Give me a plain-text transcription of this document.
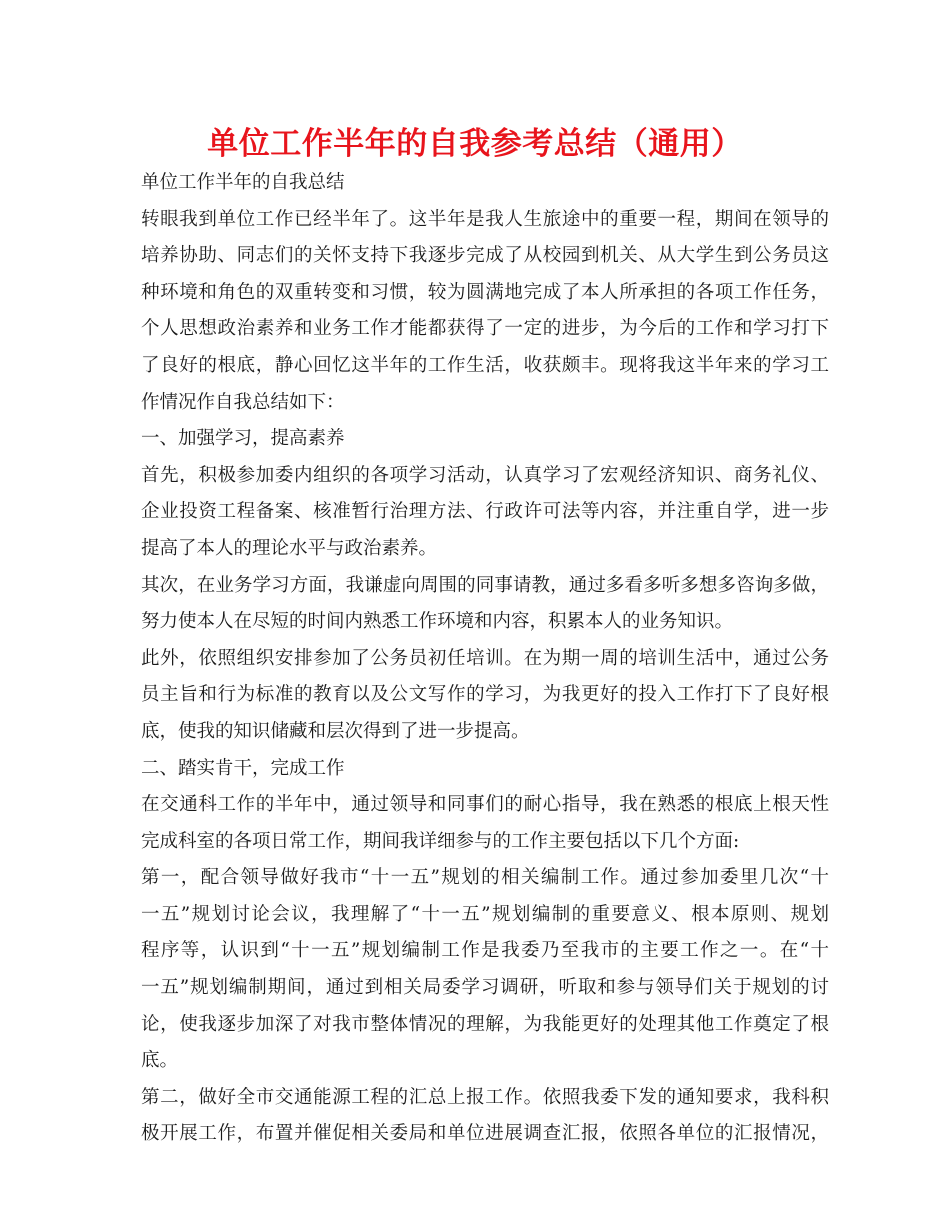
单位工作半年的自我参考总结（通用）
单位工作半年的自我总结
转眼我到单位工作已经半年了。这半年是我人生旅途中的重要一程，期间在领导的
培养协助、同志们的关怀支持下我逐步完成了从校园到机关、从大学生到公务员这
种环境和角色的双重转变和习惯，较为圆满地完成了本人所承担的各项工作任务，
个人思想政治素养和业务工作才能都获得了一定的进步，为今后的工作和学习打下
了良好的根底，静心回忆这半年的工作生活，收获颇丰。现将我这半年来的学习工
作情况作自我总结如下：
一、加强学习，提高素养
首先，积极参加委内组织的各项学习活动，认真学习了宏观经济知识、商务礼仪、
企业投资工程备案、核准暂行治理方法、行政许可法等内容，并注重自学，进一步
提高了本人的理论水平与政治素养。
其次，在业务学习方面，我谦虚向周围的同事请教，通过多看多听多想多咨询多做，
努力使本人在尽短的时间内熟悉工作环境和内容，积累本人的业务知识。
此外，依照组织安排参加了公务员初任培训。在为期一周的培训生活中，通过公务
员主旨和行为标准的教育以及公文写作的学习，为我更好的投入工作打下了良好根
底，使我的知识储藏和层次得到了进一步提高。
二、踏实肯干，完成工作
在交通科工作的半年中，通过领导和同事们的耐心指导，我在熟悉的根底上根天性
完成科室的各项日常工作，期间我详细参与的工作主要包括以下几个方面:
第一，配合领导做好我市“十一五”规划的相关编制工作。通过参加委里几次“十
一五”规划讨论会议，我理解了“十一五”规划编制的重要意义、根本原则、规划
程序等，认识到“十一五”规划编制工作是我委乃至我市的主要工作之一。在“十
一五”规划编制期间，通过到相关局委学习调研，听取和参与领导们关于规划的讨
论，使我逐步加深了对我市整体情况的理解，为我能更好的处理其他工作奠定了根
底。
第二，做好全市交通能源工程的汇总上报工作。依照我委下发的通知要求，我科积
极开展工作，布置并催促相关委局和单位进展调查汇报，依照各单位的汇报情况，
